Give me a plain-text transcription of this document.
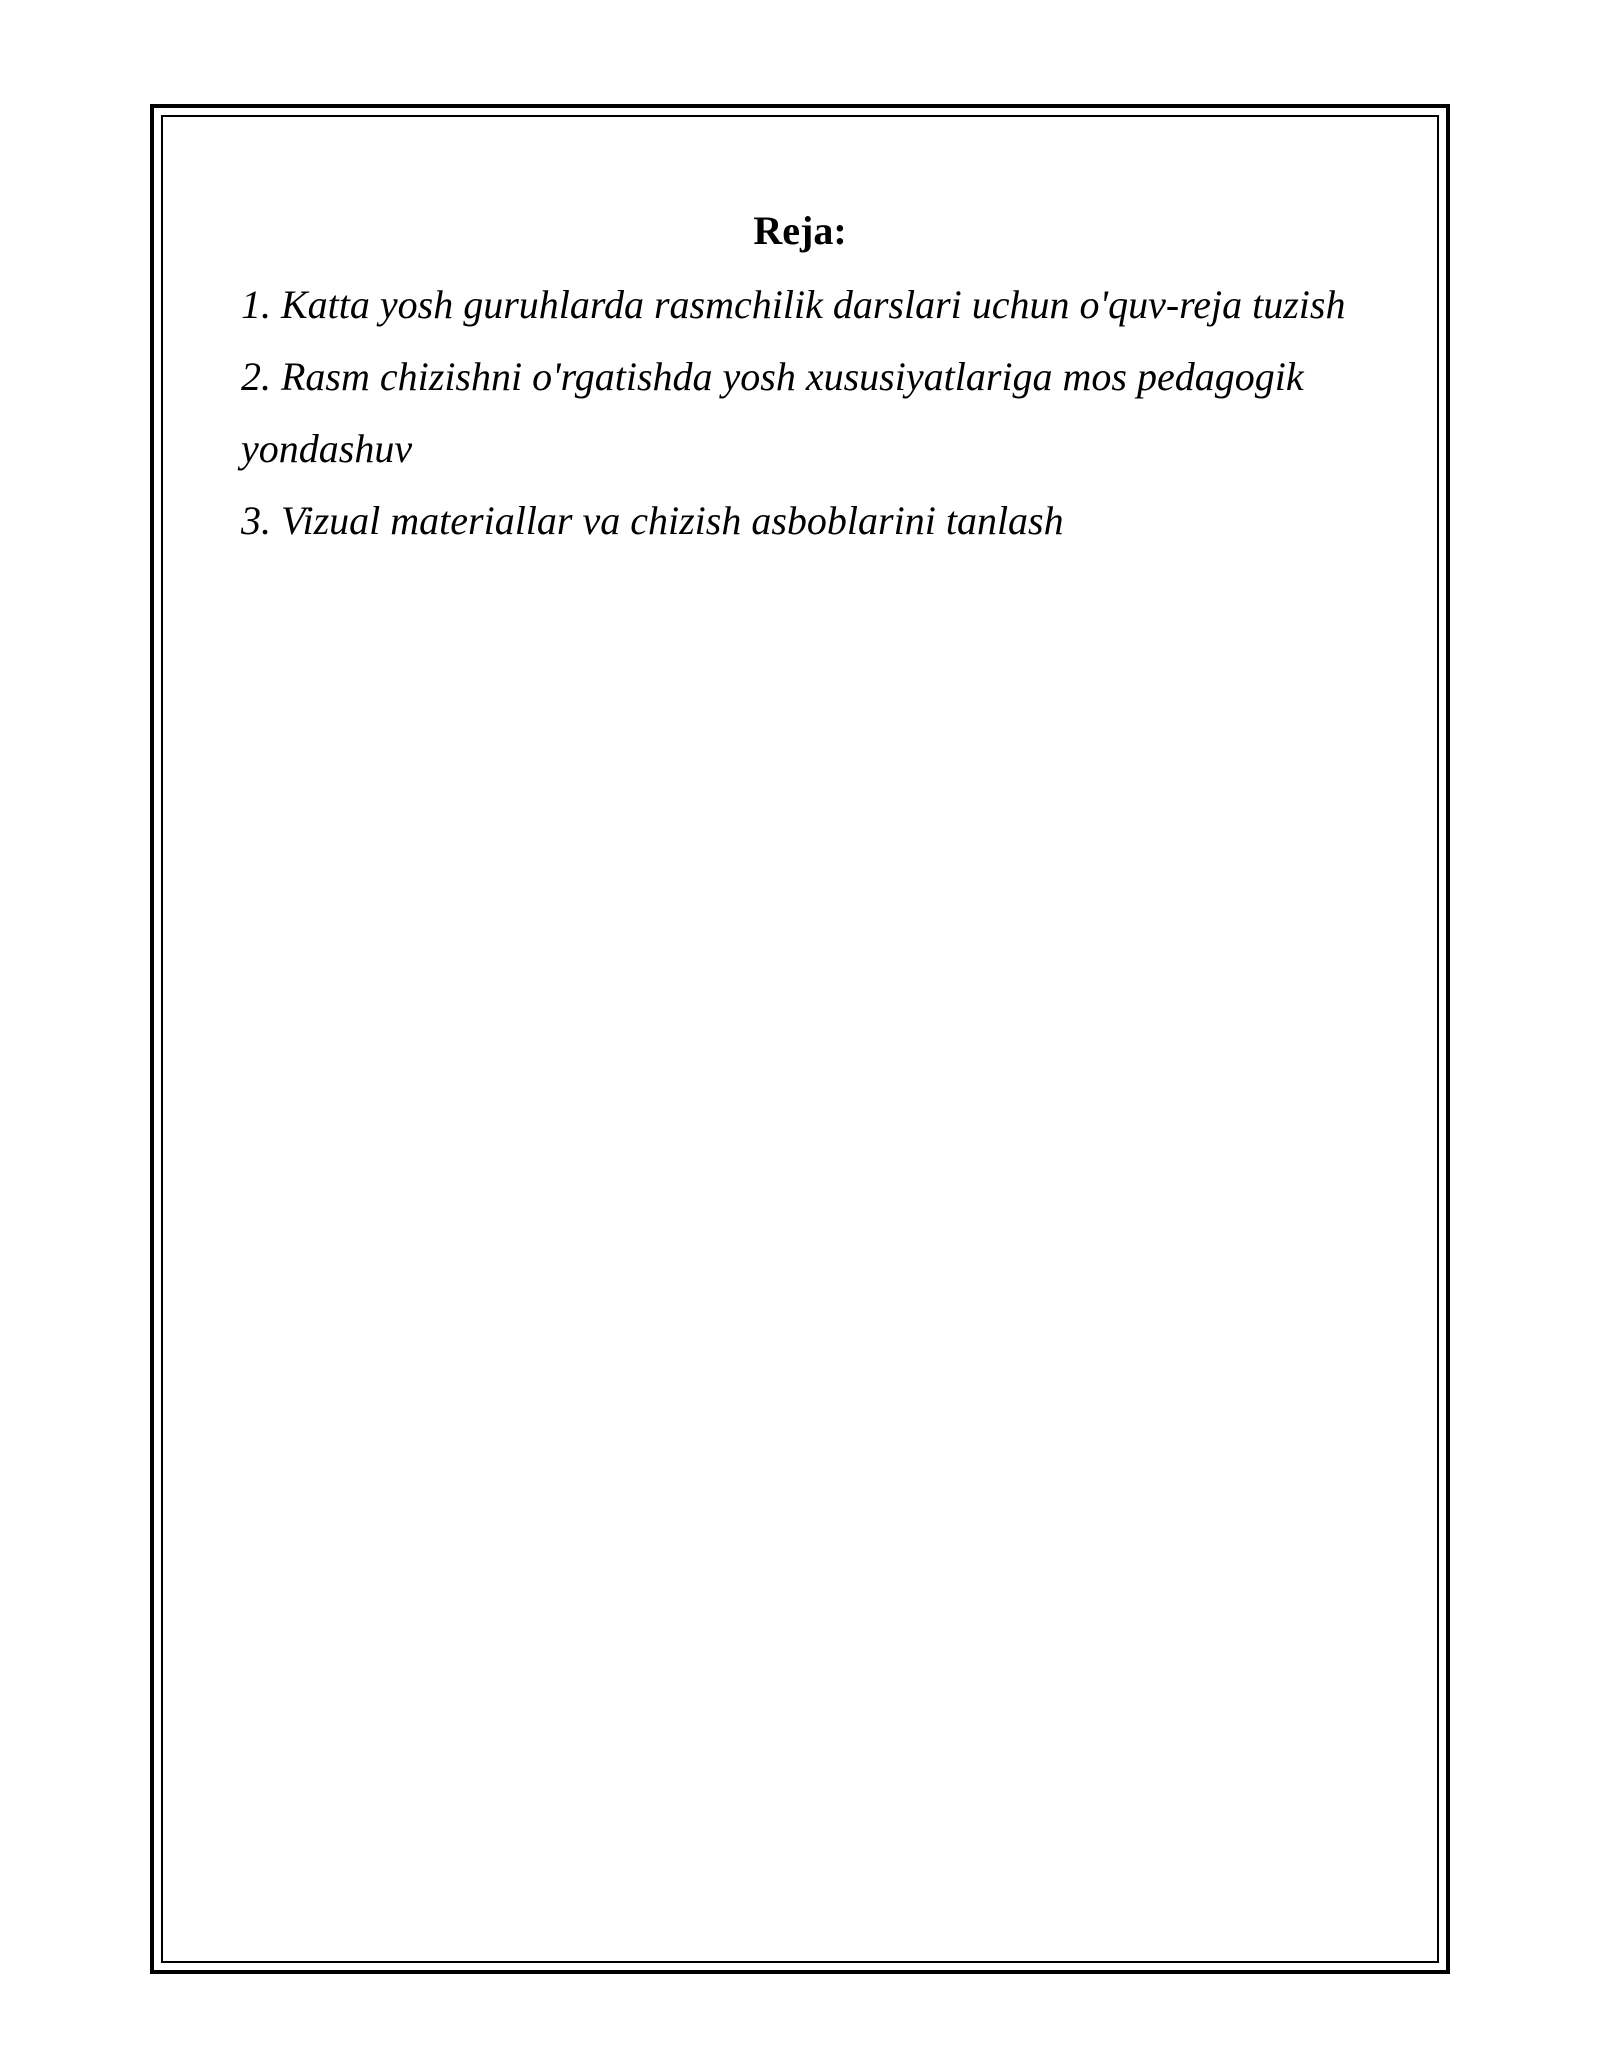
Reja:
1. Katta yosh guruhlarda rasmchilik darslari uchun o'quv-reja tuzish
2. Rasm chizishni o'rgatishda yosh xususiyatlariga mos pedagogik yondashuv
3. Vizual materiallar va chizish asboblarini tanlash
